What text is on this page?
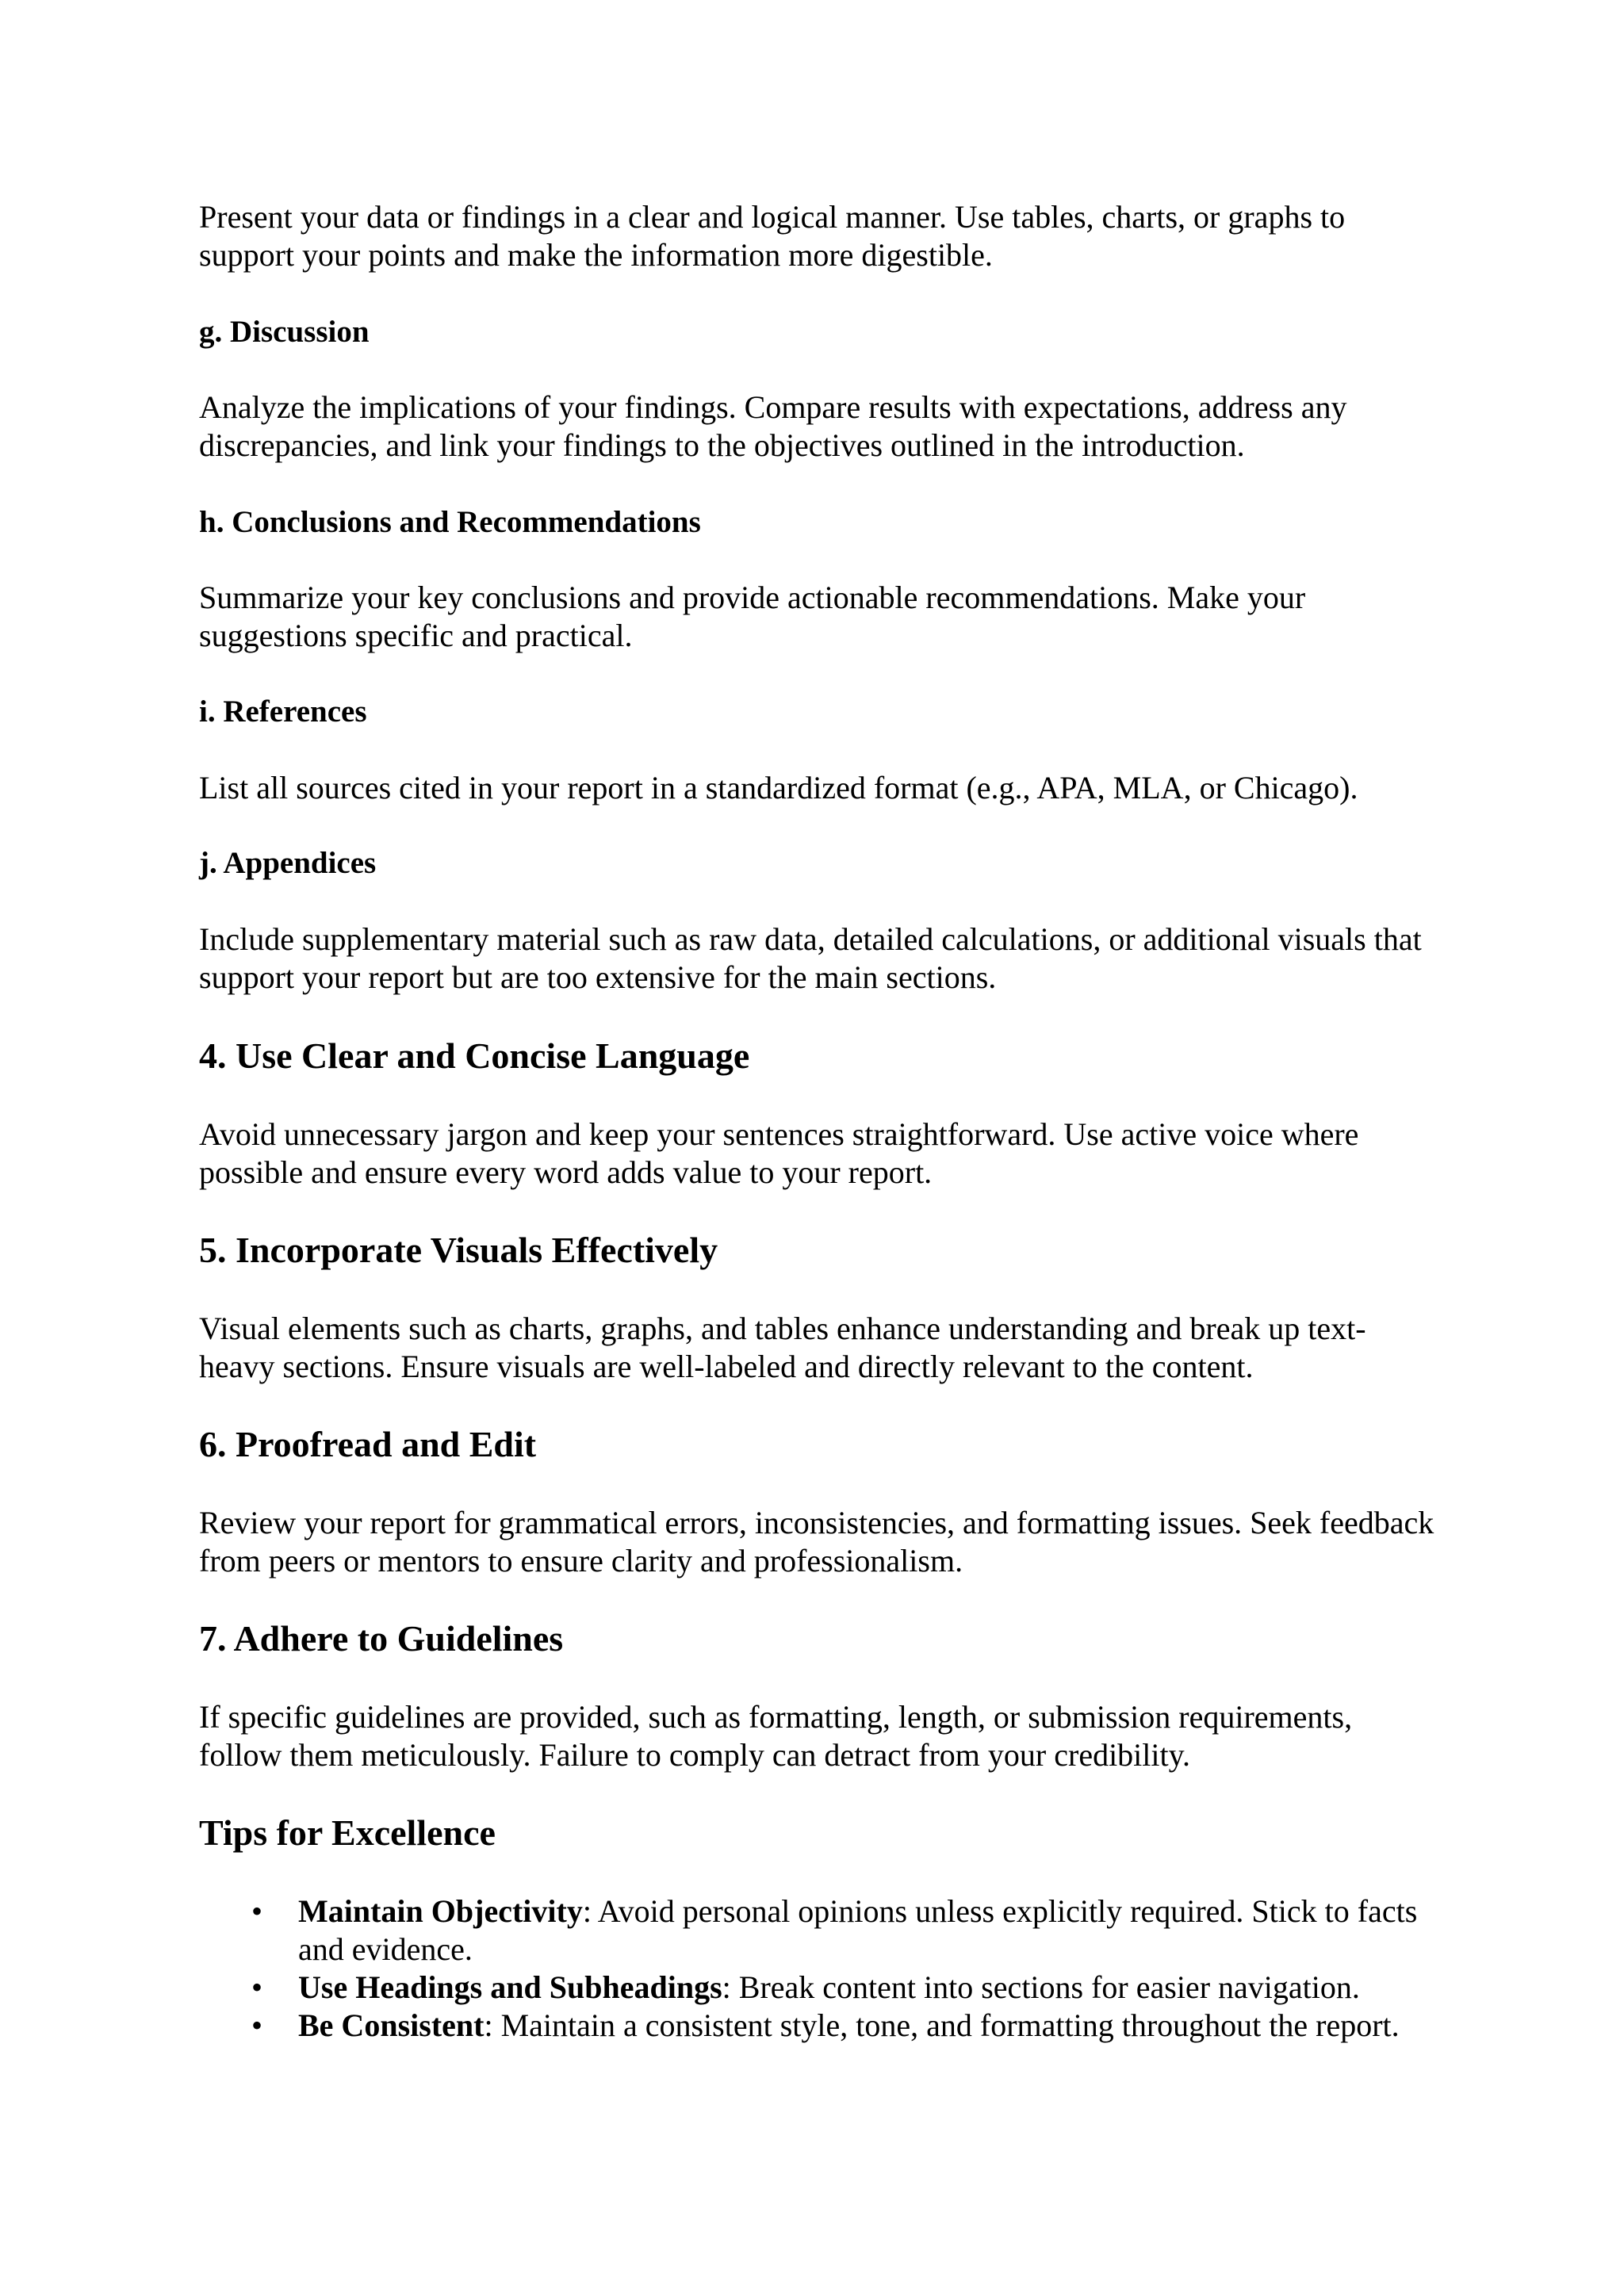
Present your data or findings in a clear and logical manner. Use tables, charts, or graphs to support your points and make the information more digestible.

g. Discussion

Analyze the implications of your findings. Compare results with expectations, address any discrepancies, and link your findings to the objectives outlined in the introduction.

h. Conclusions and Recommendations

Summarize your key conclusions and provide actionable recommendations. Make your suggestions specific and practical.

i. References

List all sources cited in your report in a standardized format (e.g., APA, MLA, or Chicago).

j. Appendices

Include supplementary material such as raw data, detailed calculations, or additional visuals that support your report but are too extensive for the main sections.

4. Use Clear and Concise Language

Avoid unnecessary jargon and keep your sentences straightforward. Use active voice where possible and ensure every word adds value to your report.

5. Incorporate Visuals Effectively

Visual elements such as charts, graphs, and tables enhance understanding and break up text-heavy sections. Ensure visuals are well-labeled and directly relevant to the content.

6. Proofread and Edit

Review your report for grammatical errors, inconsistencies, and formatting issues. Seek feedback from peers or mentors to ensure clarity and professionalism.

7. Adhere to Guidelines

If specific guidelines are provided, such as formatting, length, or submission requirements, follow them meticulously. Failure to comply can detract from your credibility.

Tips for Excellence
• Maintain Objectivity: Avoid personal opinions unless explicitly required. Stick to facts and evidence.
• Use Headings and Subheadings: Break content into sections for easier navigation.
• Be Consistent: Maintain a consistent style, tone, and formatting throughout the report.
